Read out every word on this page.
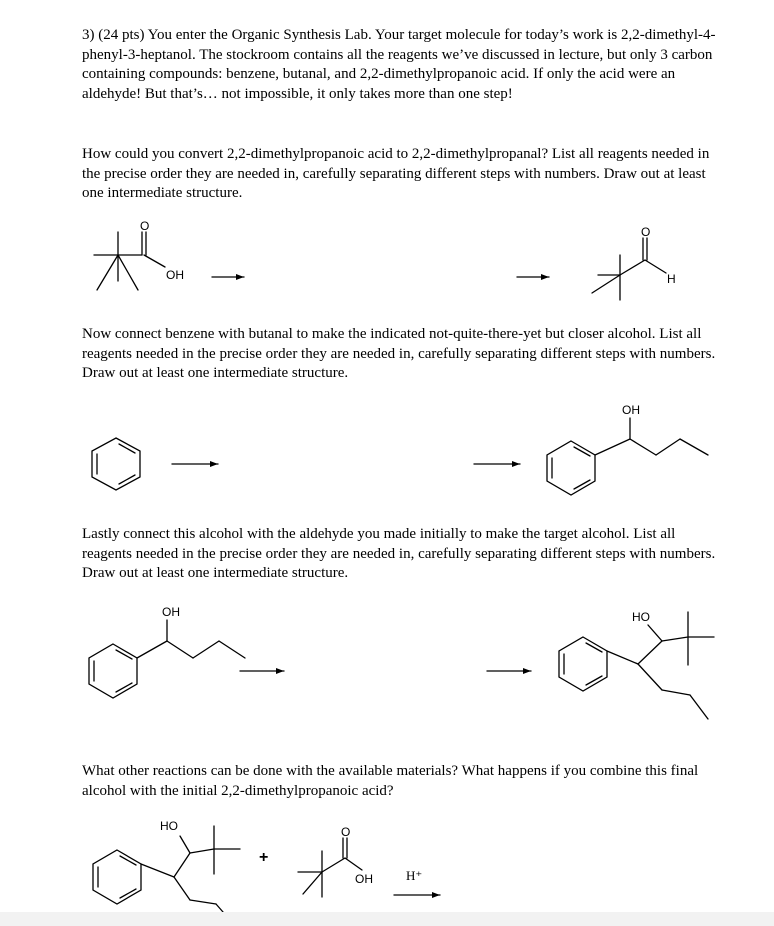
3) (24 pts) You enter the Organic Synthesis Lab. Your target molecule for today’s work is 2,2-dimethyl-4-phenyl-3-heptanol. The stockroom contains all the reagents we’ve discussed in lecture, but only 3 carbon containing compounds: benzene, butanal, and 2,2-dimethylpropanoic acid. If only the acid were an aldehyde! But that’s… not impossible, it only takes more than one step!

How could you convert 2,2-dimethylpropanoic acid to 2,2-dimethylpropanal? List all reagents needed in the precise order they are needed in, carefully separating different steps with numbers. Draw out at least one intermediate structure.

Now connect benzene with butanal to make the indicated not-quite-there-yet but closer alcohol. List all reagents needed in the precise order they are needed in, carefully separating different steps with numbers. Draw out at least one intermediate structure.

Lastly connect this alcohol with the aldehyde you made initially to make the target alcohol. List all reagents needed in the precise order they are needed in, carefully separating different steps with numbers. Draw out at least one intermediate structure.

What other reactions can be done with the available materials? What happens if you combine this final alcohol with the initial 2,2-dimethylpropanoic acid?

O
OH
O
H
OH
OH	HO
HO
+
O
OH	H⁺
